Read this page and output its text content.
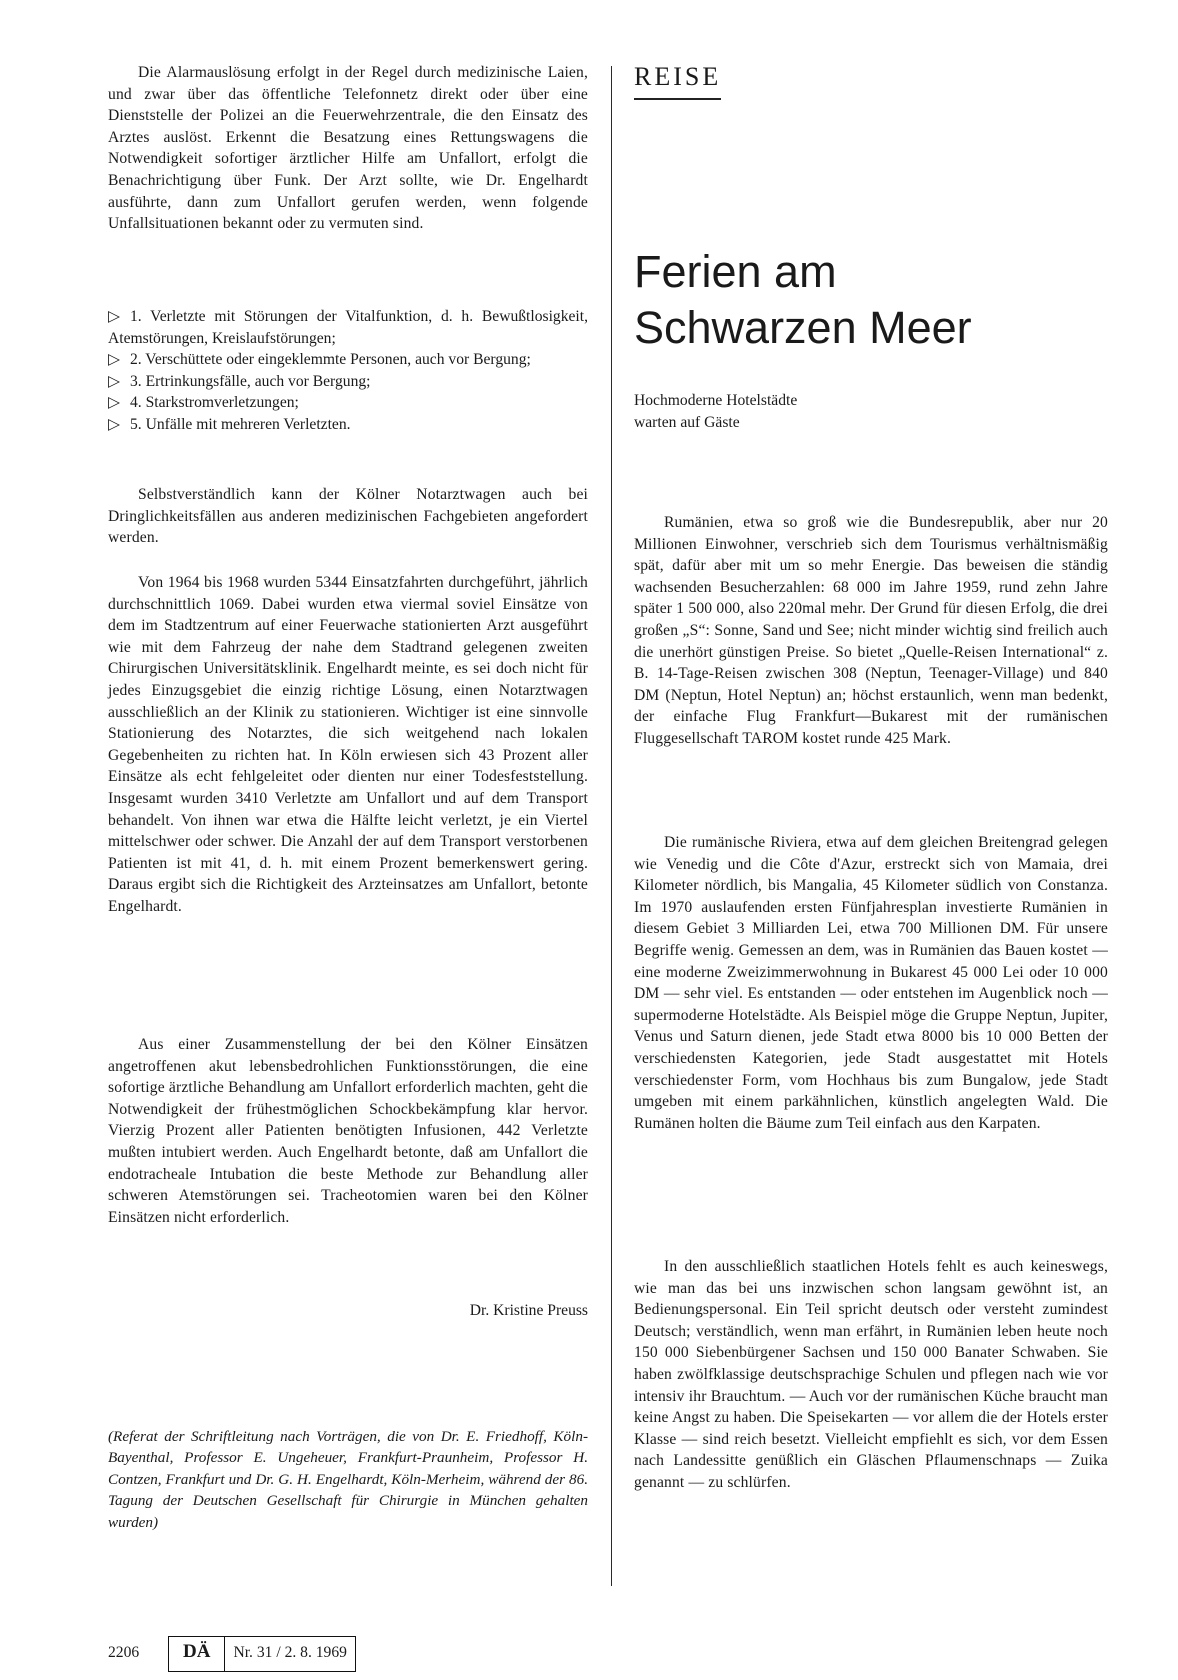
Die Alarmauslösung erfolgt in der Regel durch medizinische Laien, und zwar über das öffentliche Telefonnetz direkt oder über eine Dienststelle der Polizei an die Feuerwehrzentrale, die den Einsatz des Arztes auslöst. Erkennt die Besatzung eines Rettungswagens die Notwendigkeit sofortiger ärztlicher Hilfe am Unfallort, erfolgt die Benachrichtigung über Funk. Der Arzt sollte, wie Dr. Engelhardt ausführte, dann zum Unfallort gerufen werden, wenn folgende Unfallsituationen bekannt oder zu vermuten sind.

▷ 1. Verletzte mit Störungen der Vitalfunktion, d. h. Bewußtlosigkeit, Atemstörungen, Kreislaufstörungen;
▷ 2. Verschüttete oder eingeklemmte Personen, auch vor Bergung;
▷ 3. Ertrinkungsfälle, auch vor Bergung;
▷ 4. Starkstromverletzungen;
▷ 5. Unfälle mit mehreren Verletzten.

Selbstverständlich kann der Kölner Notarztwagen auch bei Dringlichkeitsfällen aus anderen medizinischen Fachgebieten angefordert werden.

Von 1964 bis 1968 wurden 5344 Einsatzfahrten durchgeführt, jährlich durchschnittlich 1069. Dabei wurden etwa viermal soviel Einsätze von dem im Stadtzentrum auf einer Feuerwache stationierten Arzt ausgeführt wie mit dem Fahrzeug der nahe dem Stadtrand gelegenen zweiten Chirurgischen Universitätsklinik. Engelhardt meinte, es sei doch nicht für jedes Einzugsgebiet die einzig richtige Lösung, einen Notarztwagen ausschließlich an der Klinik zu stationieren. Wichtiger ist eine sinnvolle Stationierung des Notarztes, die sich weitgehend nach lokalen Gegebenheiten zu richten hat. In Köln erwiesen sich 43 Prozent aller Einsätze als echt fehlgeleitet oder dienten nur einer Todesfeststellung. Insgesamt wurden 3410 Verletzte am Unfallort und auf dem Transport behandelt. Von ihnen war etwa die Hälfte leicht verletzt, je ein Viertel mittelschwer oder schwer. Die Anzahl der auf dem Transport verstorbenen Patienten ist mit 41, d. h. mit einem Prozent bemerkenswert gering. Daraus ergibt sich die Richtigkeit des Arzteinsatzes am Unfallort, betonte Engelhardt.

Aus einer Zusammenstellung der bei den Kölner Einsätzen angetroffenen akut lebensbedrohlichen Funktionsstörungen, die eine sofortige ärztliche Behandlung am Unfallort erforderlich machten, geht die Notwendigkeit der frühestmöglichen Schockbekämpfung klar hervor. Vierzig Prozent aller Patienten benötigten Infusionen, 442 Verletzte mußten intubiert werden. Auch Engelhardt betonte, daß am Unfallort die endotracheale Intubation die beste Methode zur Behandlung aller schweren Atemstörungen sei. Tracheotomien waren bei den Kölner Einsätzen nicht erforderlich.

Dr. Kristine Preuss
(Referat der Schriftleitung nach Vorträgen, die von Dr. E. Friedhoff, Köln-Bayenthal, Professor E. Ungeheuer, Frankfurt-Praunheim, Professor H. Contzen, Frankfurt und Dr. G. H. Engelhardt, Köln-Merheim, während der 86. Tagung der Deutschen Gesellschaft für Chirurgie in München gehalten wurden)
2206	DÄ	Nr. 31 / 2. 8. 1969
REISE
Ferien am
Schwarzen Meer
Hochmoderne Hotelstädte
warten auf Gäste

Rumänien, etwa so groß wie die Bundesrepublik, aber nur 20 Millionen Einwohner, verschrieb sich dem Tourismus verhältnismäßig spät, dafür aber mit um so mehr Energie. Das beweisen die ständig wachsenden Besucherzahlen: 68 000 im Jahre 1959, rund zehn Jahre später 1 500 000, also 220mal mehr. Der Grund für diesen Erfolg, die drei großen „S“: Sonne, Sand und See; nicht minder wichtig sind freilich auch die unerhört günstigen Preise. So bietet „Quelle-Reisen International“ z. B. 14-Tage-Reisen zwischen 308 (Neptun, Teenager-Village) und 840 DM (Neptun, Hotel Neptun) an; höchst erstaunlich, wenn man bedenkt, der einfache Flug Frankfurt—Bukarest mit der rumänischen Fluggesellschaft TAROM kostet runde 425 Mark.

Die rumänische Riviera, etwa auf dem gleichen Breitengrad gelegen wie Venedig und die Côte d'Azur, erstreckt sich von Mamaia, drei Kilometer nördlich, bis Mangalia, 45 Kilometer südlich von Constanza. Im 1970 auslaufenden ersten Fünfjahresplan investierte Rumänien in diesem Gebiet 3 Milliarden Lei, etwa 700 Millionen DM. Für unsere Begriffe wenig. Gemessen an dem, was in Rumänien das Bauen kostet — eine moderne Zweizimmerwohnung in Bukarest 45 000 Lei oder 10 000 DM — sehr viel. Es entstanden — oder entstehen im Augenblick noch — supermoderne Hotelstädte. Als Beispiel möge die Gruppe Neptun, Jupiter, Venus und Saturn dienen, jede Stadt etwa 8000 bis 10 000 Betten der verschiedensten Kategorien, jede Stadt ausgestattet mit Hotels verschiedenster Form, vom Hochhaus bis zum Bungalow, jede Stadt umgeben mit einem parkähnlichen, künstlich angelegten Wald. Die Rumänen holten die Bäume zum Teil einfach aus den Karpaten.

In den ausschließlich staatlichen Hotels fehlt es auch keineswegs, wie man das bei uns inzwischen schon langsam gewöhnt ist, an Bedienungspersonal. Ein Teil spricht deutsch oder versteht zumindest Deutsch; verständlich, wenn man erfährt, in Rumänien leben heute noch 150 000 Siebenbürgener Sachsen und 150 000 Banater Schwaben. Sie haben zwölfklassige deutschsprachige Schulen und pflegen nach wie vor intensiv ihr Brauchtum. — Auch vor der rumänischen Küche braucht man keine Angst zu haben. Die Speisekarten — vor allem die der Hotels erster Klasse — sind reich besetzt. Vielleicht empfiehlt es sich, vor dem Essen nach Landessitte genüßlich ein Gläschen Pflaumenschnaps — Zuika genannt — zu schlürfen.
